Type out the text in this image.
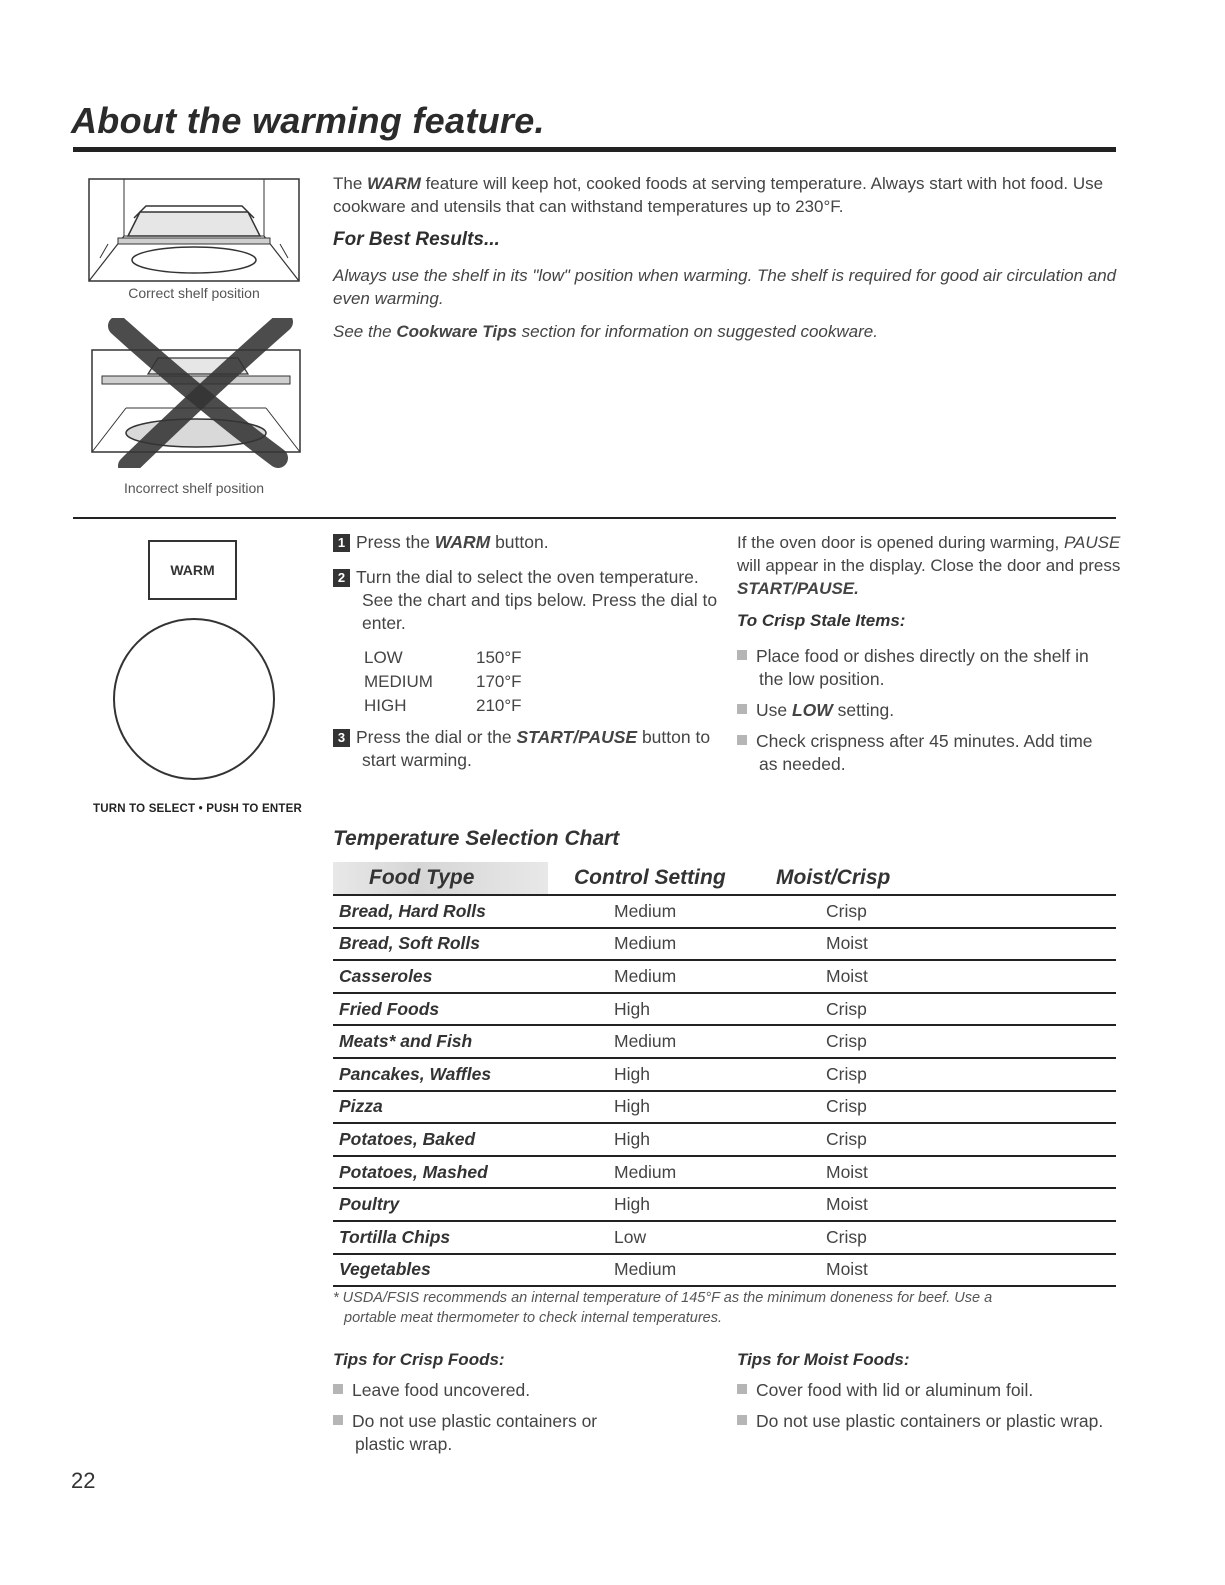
About the warming feature.
Correct shelf position
Incorrect shelf position
The WARM feature will keep hot, cooked foods at serving temperature. Always start with hot food. Use cookware and utensils that can withstand temperatures up to 230°F.
For Best Results...
Always use the shelf in its "low" position when warming. The shelf is required for good air circulation and even warming.
See the Cookware Tips section for information on suggested cookware.
WARM
TURN TO SELECT • PUSH TO ENTER
1 Press the WARM button.
2 Turn the dial to select the oven temperature.
See the chart and tips below. Press the dial to enter.
LOW	150°F
MEDIUM	170°F
HIGH	210°F
3 Press the dial or the START/PAUSE button to
start warming.
If the oven door is opened during warming, PAUSE will appear in the display. Close the door and press START/PAUSE.
To Crisp Stale Items:
Place food or dishes directly on the shelf in
the low position.
Use LOW setting.
Check crispness after 45 minutes. Add time
as needed.
Temperature Selection Chart
Food Type	Control Setting	Moist/Crisp
Bread, Hard Rolls	Medium	Crisp
Bread, Soft Rolls	Medium	Moist
Casseroles	Medium	Moist
Fried Foods	High	Crisp
Meats* and Fish	Medium	Crisp
Pancakes, Waffles	High	Crisp
Pizza	High	Crisp
Potatoes, Baked	High	Crisp
Potatoes, Mashed	Medium	Moist
Poultry	High	Moist
Tortilla Chips	Low	Crisp
Vegetables	Medium	Moist
* USDA/FSIS recommends an internal temperature of 145°F as the minimum doneness for beef. Use a
portable meat thermometer to check internal temperatures.
Tips for Crisp Foods:
Leave food uncovered.
Do not use plastic containers or
plastic wrap.
Tips for Moist Foods:
Cover food with lid or aluminum foil.
Do not use plastic containers or plastic wrap.
22
